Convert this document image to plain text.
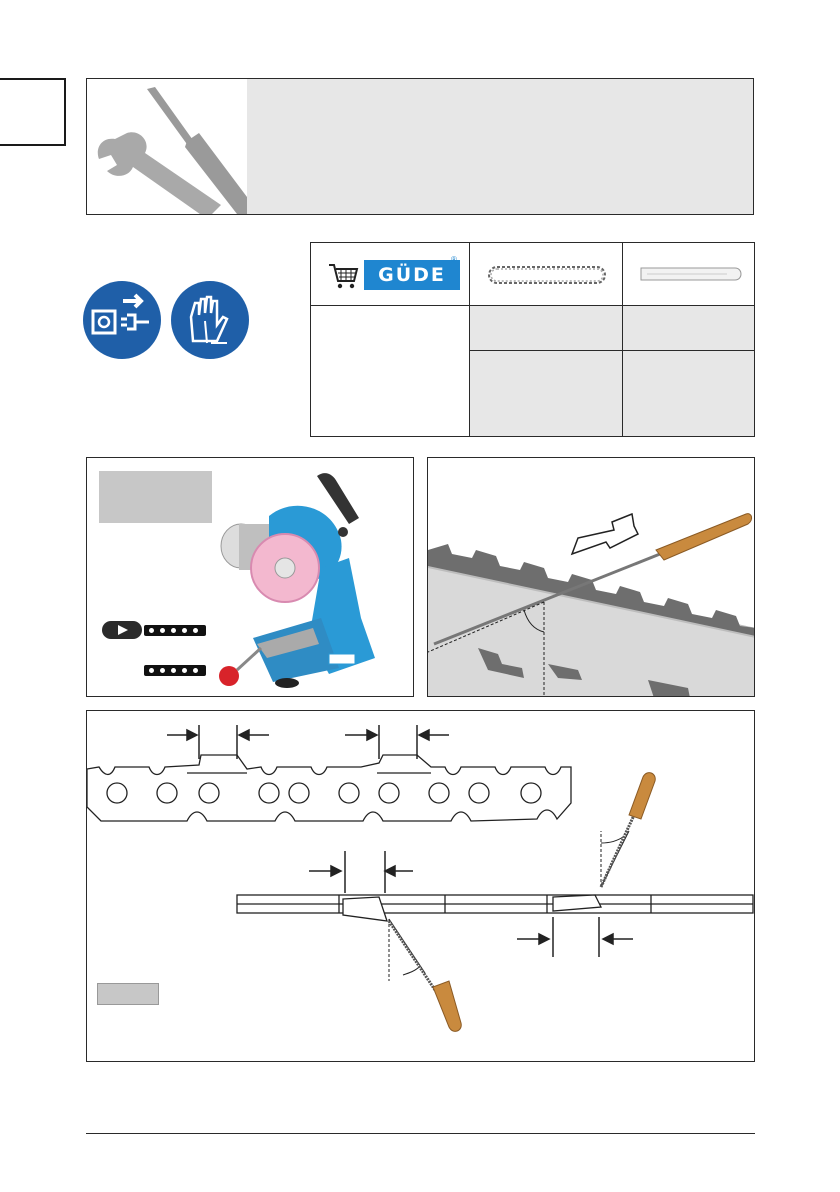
GÜDE
®
